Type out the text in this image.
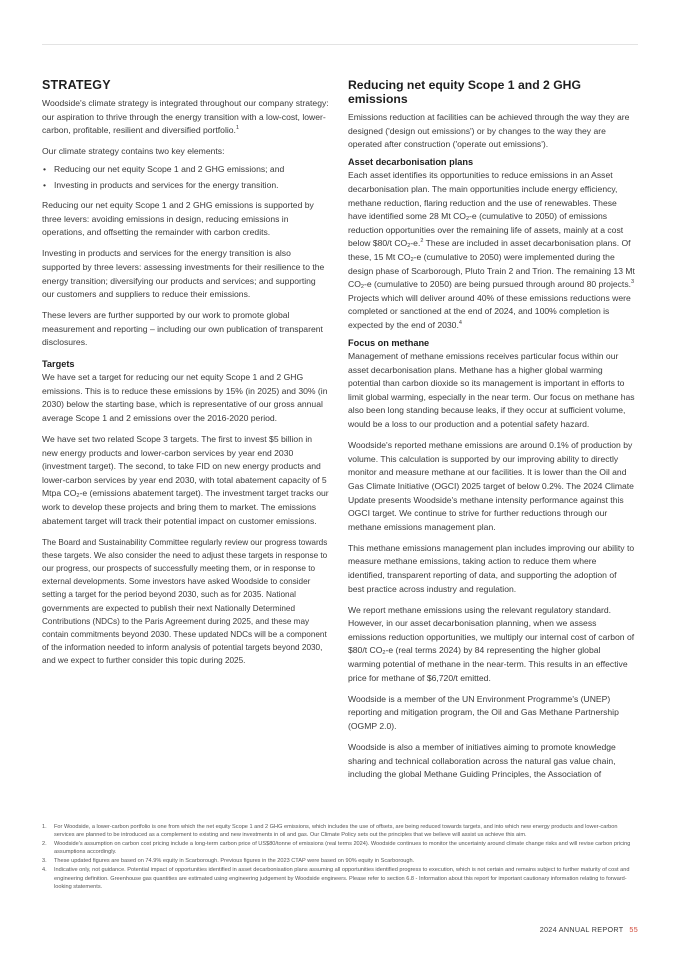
STRATEGY

Woodside's climate strategy is integrated throughout our company strategy: our aspiration to thrive through the energy transition with a low-cost, lower-carbon, profitable, resilient and diversified portfolio.$^1$

Our climate strategy contains two key elements:

• Reducing our net equity Scope 1 and 2 GHG emissions; and
• Investing in products and services for the energy transition.

Reducing our net equity Scope 1 and 2 GHG emissions is supported by three levers: avoiding emissions in design, reducing emissions in operations, and offsetting the remainder with carbon credits.

Investing in products and services for the energy transition is also supported by three levers: assessing investments for their resilience to the energy transition; diversifying our products and services; and supporting our customers and suppliers to reduce their emissions.

These levers are further supported by our work to promote global measurement and reporting – including our own publication of transparent disclosures.

Targets

We have set a target for reducing our net equity Scope 1 and 2 GHG emissions. This is to reduce these emissions by 15% (in 2025) and 30% (in 2030) below the starting base, which is representative of our gross annual average Scope 1 and 2 emissions over the 2016-2020 period.

We have set two related Scope 3 targets. The first to invest $5 billion in new energy products and lower-carbon services by year end 2030 (investment target). The second, to take FID on new energy products and lower-carbon services by year end 2030, with total abatement capacity of 5 Mtpa $CO_2-e$ (emissions abatement target). The investment target tracks our work to develop these projects and bring them to market. The emissions abatement target will track their potential impact on customer emissions.

The Board and Sustainability Committee regularly review our progress towards these targets. We also consider the need to adjust these targets in response to our progress, our prospects of successfully meeting them, or in response to external developments. Some investors have asked Woodside to consider setting a target for the period beyond 2030, such as for 2035. National governments are expected to publish their next Nationally Determined Contributions (NDCs) to the Paris Agreement during 2025, and these may contain commitments beyond 2030. These updated NDCs will be a component of the information needed to inform analysis of potential targets beyond 2030, and we expect to further consider this topic during 2025.

Reducing net equity Scope 1 and 2 GHG emissions

Emissions reduction at facilities can be achieved through the way they are designed ('design out emissions') or by changes to the way they are operated after construction ('operate out emissions').

Asset decarbonisation plans

Each asset identifies its opportunities to reduce emissions in an Asset decarbonisation plan. The main opportunities include energy efficiency, methane reduction, flaring reduction and the use of renewables. These have identified some 28 Mt $CO_2-e$ (cumulative to 2050) of emissions reduction opportunities over the remaining life of assets, mainly at a cost below $80/t $CO_2-e.^2$ These are included in asset decarbonisation plans. Of these, 15 Mt $CO_2-e$ (cumulative to 2050) were implemented during the design phase of Scarborough, Pluto Train 2 and Trion. The remaining 13 Mt $CO_2-e$ (cumulative to 2050) are being pursued through around 80 projects.$^3$ Projects which will deliver around 40% of these emissions reductions were completed or sanctioned at the end of 2024, and 100% completion is expected by the end of 2030.$^4$

Focus on methane

Management of methane emissions receives particular focus within our asset decarbonisation plans. Methane has a higher global warming potential than carbon dioxide so its management is important in efforts to limit global warming, especially in the near term. Our focus on methane has also been long standing because leaks, if they occur at sufficient volume, would be a loss to our production and a potential safety hazard.

Woodside's reported methane emissions are around 0.1% of production by volume. This calculation is supported by our improving ability to directly monitor and measure methane at our facilities. It is lower than the Oil and Gas Climate Initiative (OGCI) 2025 target of below 0.2%. The 2024 Climate Update presents Woodside's methane intensity performance against this OGCI target. We continue to strive for further reductions through our methane emissions management plan.

This methane emissions management plan includes improving our ability to measure methane emissions, taking action to reduce them where identified, transparent reporting of data, and supporting the adoption of best practice across industry and regulation.

We report methane emissions using the relevant regulatory standard. However, in our asset decarbonisation planning, when we assess emissions reduction opportunities, we multiply our internal cost of carbon of $80/t $CO_2-e$ (real terms 2024) by 84 representing the higher global warming potential of methane in the near-term. This results in an effective price for methane of $6,720/t emitted.

Woodside is a member of the UN Environment Programme's (UNEP) reporting and mitigation program, the Oil and Gas Methane Partnership (OGMP 2.0).

Woodside is also a member of initiatives aiming to promote knowledge sharing and technical collaboration across the natural gas value chain, including the global Methane Guiding Principles, the Association of

1. For Woodside, a lower-carbon portfolio is one from which the net equity Scope 1 and 2 GHG emissions, which includes the use of offsets, are being reduced towards targets, and into which new energy products and lower-carbon services are planned to be introduced as a complement to existing and new investments in oil and gas. Our Climate Policy sets out the principles that we believe will assist us achieve this aim.
2. Woodside's assumption on carbon cost pricing include a long-term carbon price of US$80/tonne of emissions (real terms 2024). Woodside continues to monitor the uncertainty around climate change risks and will revise carbon pricing assumptions accordingly.
3. These updated figures are based on 74.9% equity in Scarborough. Previous figures in the 2023 CTAP were based on 90% equity in Scarborough.
4. Indicative only, not guidance. Potential impact of opportunities identified in asset decarbonisation plans assuming all opportunities identified progress to execution, which is not certain and remains subject to further maturity of cost and engineering definition. Greenhouse gas quantities are estimated using engineering judgement by Woodside engineers. Please refer to section 6.8 - Information about this report for important cautionary information relating to forward-looking statements.
2024 ANNUAL REPORT 55
